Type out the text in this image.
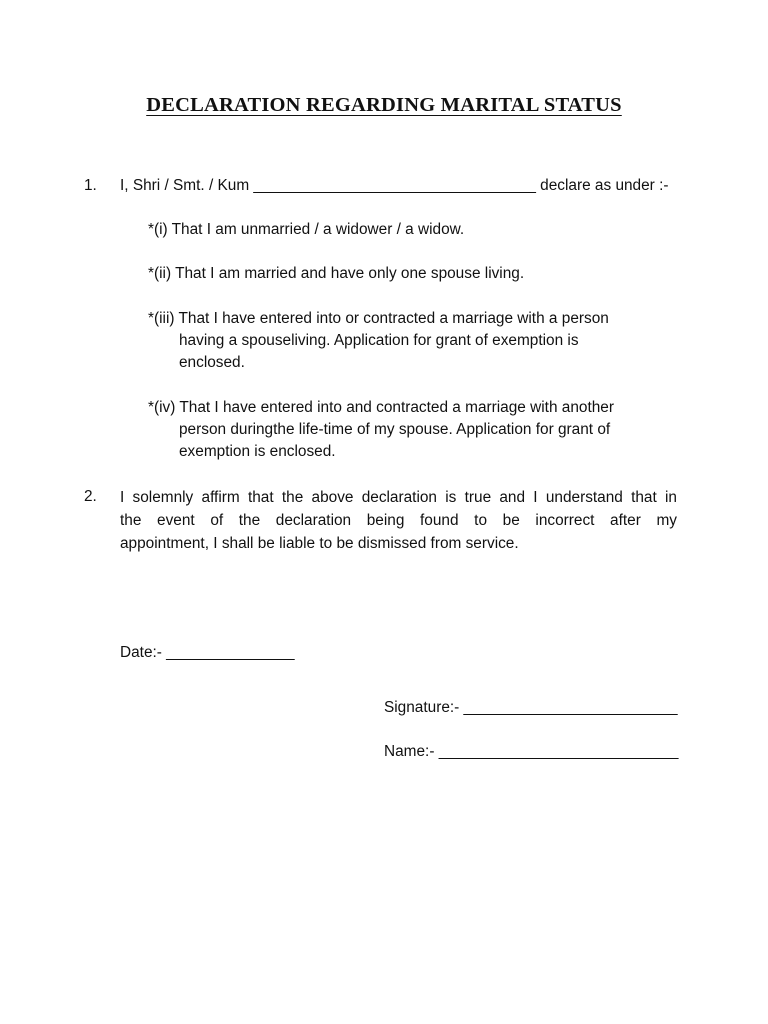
DECLARATION REGARDING MARITAL STATUS
1. I, Shri / Smt. / Kum _________________________________ declare as under :-
*(i) That I am unmarried / a widower / a widow.
*(ii) That I am married and have only one spouse living.
*(iii) That I have entered into or contracted a marriage with a person
having a spouseliving. Application for grant of exemption is
enclosed.
*(iv) That I have entered into and contracted a marriage with another
person duringthe life-time of my spouse. Application for grant of
exemption is enclosed.
2. I solemnly affirm that the above declaration is true and I understand that in
the event of the declaration being found to be incorrect after my
appointment, I shall be liable to be dismissed from service.
Date:- _______________
Signature:- _________________________
Name:- ____________________________
